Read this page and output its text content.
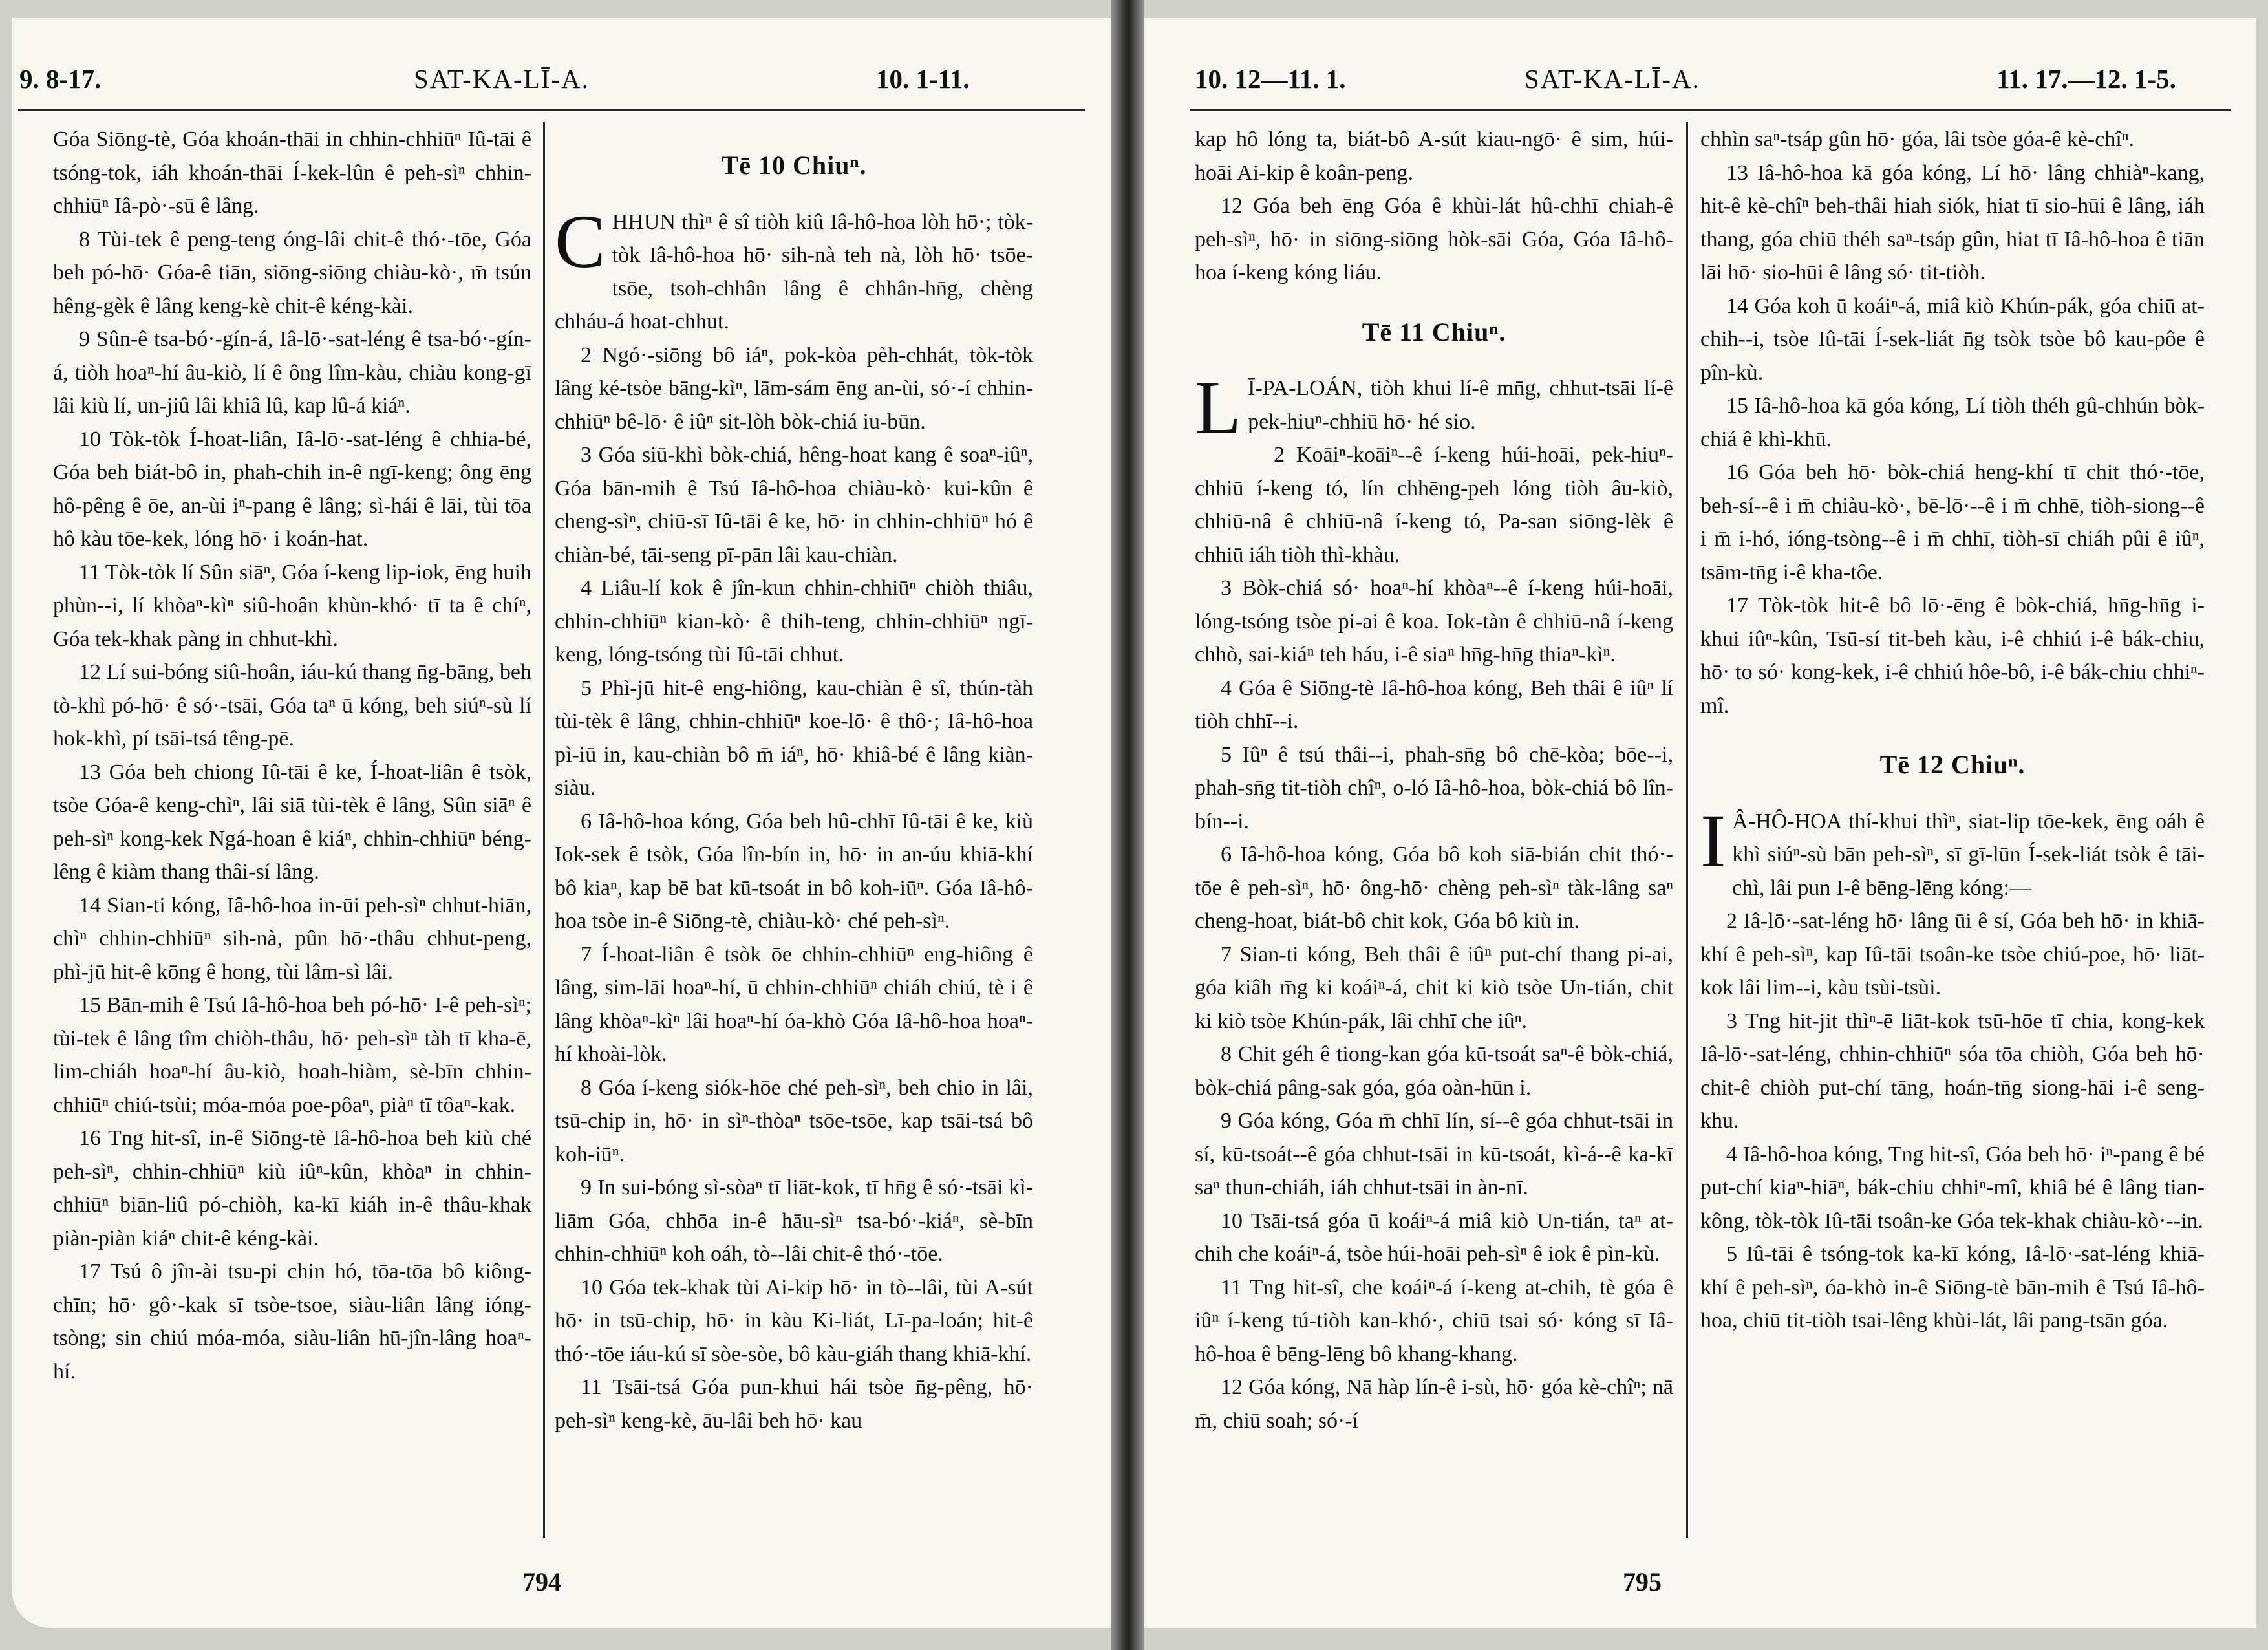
9. 8-17.	SAT-KA-LĪ-A.	10. 1-11.

Góa Siōng-tè, Góa khoán-thāi in chhin-chhiūⁿ Iû-tāi ê tsóng-tok, iáh khoán-thāi Í-kek-lûn ê peh-sìⁿ chhin-chhiūⁿ Iâ-pò·-sū ê lâng.

8 Tùi-tek ê peng-teng óng-lâi chit-ê thó·-tōe, Góa beh pó-hō· Góa-ê tiān, siōng-siōng chiàu-kò·, m̄ tsún hêng-gèk ê lâng keng-kè chit-ê kéng-kài.

9 Sûn-ê tsa-bó·-gín-á, Iâ-lō·-sat-léng ê tsa-bó·-gín-á, tiòh hoaⁿ-hí âu-kiò, lí ê ông lîm-kàu, chiàu kong-gī lâi kiù lí, un-jiû lâi khiâ lû, kap lû-á kiáⁿ.

10 Tòk-tòk Í-hoat-liân, Iâ-lō·-sat-léng ê chhia-bé, Góa beh biát-bô in, phah-chih in-ê ngī-keng; ông ēng hô-pêng ê ōe, an-ùi iⁿ-pang ê lâng; sì-hái ê lāi, tùi tōa hô kàu tōe-kek, lóng hō· i koán-hat.

11 Tòk-tòk lí Sûn siāⁿ, Góa í-keng lip-iok, ēng huih phùn--i, lí khòaⁿ-kìⁿ siû-hoân khùn-khó· tī ta ê chíⁿ, Góa tek-khak pàng in chhut-khì.

12 Lí sui-bóng siû-hoân, iáu-kú thang n̄g-bāng, beh tò-khì pó-hō· ê só·-tsāi, Góa taⁿ ū kóng, beh siúⁿ-sù lí hok-khì, pí tsāi-tsá têng-pē.

13 Góa beh chiong Iû-tāi ê ke, Í-hoat-liân ê tsòk, tsòe Góa-ê keng-chìⁿ, lâi siā tùi-tèk ê lâng, Sûn siāⁿ ê peh-sìⁿ kong-kek Ngá-hoan ê kiáⁿ, chhin-chhiūⁿ béng-lêng ê kiàm thang thâi-sí lâng.

14 Sian-ti kóng, Iâ-hô-hoa in-ūi peh-sìⁿ chhut-hiān, chìⁿ chhin-chhiūⁿ sih-nà, pûn hō·-thâu chhut-peng, phì-jū hit-ê kōng ê hong, tùi lâm-sì lâi.

15 Bān-mih ê Tsú Iâ-hô-hoa beh pó-hō· I-ê peh-sìⁿ; tùi-tek ê lâng tîm chiòh-thâu, hō· peh-sìⁿ tàh tī kha-ē, lim-chiáh hoaⁿ-hí âu-kiò, hoah-hiàm, sè-bīn chhin-chhiūⁿ chiú-tsùi; móa-móa poe-pôaⁿ, piàⁿ tī tôaⁿ-kak.

16 Tng hit-sî, in-ê Siōng-tè Iâ-hô-hoa beh kiù ché peh-sìⁿ, chhin-chhiūⁿ kiù iûⁿ-kûn, khòaⁿ in chhin-chhiūⁿ biān-liû pó-chiòh, ka-kī kiáh in-ê thâu-khak piàn-piàn kiáⁿ chit-ê kéng-kài.

17 Tsú ô jîn-ài tsu-pi chin hó, tōa-tōa bô kiông-chīn; hō· gô·-kak sī tsòe-tsoe, siàu-liân lâng ióng-tsòng; sin chiú móa-móa, siàu-liân hū-jîn-lâng hoaⁿ-hí.

Tē 10 Chiuⁿ.

CHHUN thìⁿ ê sî tiòh kiû Iâ-hô-hoa lòh hō·; tòk-tòk Iâ-hô-hoa hō· sih-nà teh nà, lòh hō· tsōe-tsōe, tsoh-chhân lâng ê chhân-hn̄g, chèng chháu-á hoat-chhut.

2 Ngó·-siōng bô iáⁿ, pok-kòa pèh-chhát, tòk-tòk lâng ké-tsòe bāng-kìⁿ, lām-sám ēng an-ùi, só·-í chhin-chhiūⁿ bê-lō· ê iûⁿ sit-lòh bòk-chiá iu-būn.

3 Góa siū-khì bòk-chiá, hêng-hoat kang ê soaⁿ-iûⁿ, Góa bān-mih ê Tsú Iâ-hô-hoa chiàu-kò· kui-kûn ê cheng-sìⁿ, chiū-sī Iû-tāi ê ke, hō· in chhin-chhiūⁿ hó ê chiàn-bé, tāi-seng pī-pān lâi kau-chiàn.

4 Liâu-lí kok ê jîn-kun chhin-chhiūⁿ chiòh thiâu, chhin-chhiūⁿ kian-kò· ê thih-teng, chhin-chhiūⁿ ngī-keng, lóng-tsóng tùi Iû-tāi chhut.

5 Phì-jū hit-ê eng-hiông, kau-chiàn ê sî, thún-tàh tùi-tèk ê lâng, chhin-chhiūⁿ koe-lō· ê thô·; Iâ-hô-hoa pì-iū in, kau-chiàn bô m̄ iáⁿ, hō· khiâ-bé ê lâng kiàn-siàu.

6 Iâ-hô-hoa kóng, Góa beh hû-chhī Iû-tāi ê ke, kiù Iok-sek ê tsòk, Góa lîn-bín in, hō· in an-úu khiā-khí bô kiaⁿ, kap bē bat kū-tsoát in bô koh-iūⁿ. Góa Iâ-hô-hoa tsòe in-ê Siōng-tè, chiàu-kò· ché peh-sìⁿ.

7 Í-hoat-liân ê tsòk ōe chhin-chhiūⁿ eng-hiông ê lâng, sim-lāi hoaⁿ-hí, ū chhin-chhiūⁿ chiáh chiú, tè i ê lâng khòaⁿ-kìⁿ lâi hoaⁿ-hí óa-khò Góa Iâ-hô-hoa hoaⁿ-hí khoài-lòk.

8 Góa í-keng siók-hōe ché peh-sìⁿ, beh chio in lâi, tsū-chip in, hō· in sìⁿ-thòaⁿ tsōe-tsōe, kap tsāi-tsá bô koh-iūⁿ.

9 In sui-bóng sì-sòaⁿ tī liāt-kok, tī hn̄g ê só·-tsāi kì-liām Góa, chhōa in-ê hāu-sìⁿ tsa-bó·-kiáⁿ, sè-bīn chhin-chhiūⁿ koh oáh, tò--lâi chit-ê thó·-tōe.

10 Góa tek-khak tùi Ai-kip hō· in tò--lâi, tùi A-sút hō· in tsū-chip, hō· in kàu Ki-liát, Lī-pa-loán; hit-ê thó·-tōe iáu-kú sī sòe-sòe, bô kàu-giáh thang khiā-khí.

11 Tsāi-tsá Góa pun-khui hái tsòe n̄g-pêng, hō· peh-sìⁿ keng-kè, āu-lâi beh hō· kau

794
10. 12—11. 1.	SAT-KA-LĪ-A.	11. 17.—12. 1-5.

kap hô lóng ta, biát-bô A-sút kiau-ngō· ê sim, húi-hoāi Ai-kip ê koân-peng.

12 Góa beh ēng Góa ê khùi-lát hû-chhī chiah-ê peh-sìⁿ, hō· in siōng-siōng hòk-sāi Góa, Góa Iâ-hô-hoa í-keng kóng liáu.

Tē 11 Chiuⁿ.

L Ī-PA-LOÁN, tiòh khui lí-ê mn̄g, chhut-tsāi lí-ê pek-hiuⁿ-chhiū hō· hé sio.

2 Koāiⁿ-koāiⁿ--ê í-keng húi-hoāi, pek-hiuⁿ-chhiū í-keng tó, lín chhēng-peh lóng tiòh âu-kiò, chhiū-nâ ê chhiū-nâ í-keng tó, Pa-san siōng-lèk ê chhiū iáh tiòh thì-khàu.

3 Bòk-chiá só· hoaⁿ-hí khòaⁿ--ê í-keng húi-hoāi, lóng-tsóng tsòe pi-ai ê koa. Iok-tàn ê chhiū-nâ í-keng chhò, sai-kiáⁿ teh háu, i-ê siaⁿ hn̄g-hn̄g thiaⁿ-kìⁿ.

4 Góa ê Siōng-tè Iâ-hô-hoa kóng, Beh thâi ê iûⁿ lí tiòh chhī--i.

5 Iûⁿ ê tsú thâi--i, phah-sn̄g bô chē-kòa; bōe--i, phah-sn̄g tit-tiòh chîⁿ, o-ló Iâ-hô-hoa, bòk-chiá bô lîn-bín--i.

6 Iâ-hô-hoa kóng, Góa bô koh siā-bián chit thó·-tōe ê peh-sìⁿ, hō· ông-hō· chèng peh-sìⁿ tàk-lâng saⁿ cheng-hoat, biát-bô chit kok, Góa bô kiù in.

7 Sian-ti kóng, Beh thâi ê iûⁿ put-chí thang pi-ai, góa kiâh m̄g ki koáiⁿ-á, chit ki kiò tsòe Un-tián, chit ki kiò tsòe Khún-pák, lâi chhī che iûⁿ.

8 Chit géh ê tiong-kan góa kū-tsoát saⁿ-ê bòk-chiá, bòk-chiá pâng-sak góa, góa oàn-hūn i.

9 Góa kóng, Góa m̄ chhī lín, sí--ê góa chhut-tsāi in sí, kū-tsoát--ê góa chhut-tsāi in kū-tsoát, kì-á--ê ka-kī saⁿ thun-chiáh, iáh chhut-tsāi in àn-nī.

10 Tsāi-tsá góa ū koáiⁿ-á miâ kiò Un-tián, taⁿ at-chih che koáiⁿ-á, tsòe húi-hoāi peh-sìⁿ ê iok ê pìn-kù.

11 Tng hit-sî, che koáiⁿ-á í-keng at-chih, tè góa ê iûⁿ í-keng tú-tiòh kan-khó·, chiū tsai só· kóng sī Iâ-hô-hoa ê bēng-lēng bô khang-khang.

12 Góa kóng, Nā hàp lín-ê i-sù, hō· góa kè-chîⁿ; nā m̄, chiū soah; só·-í

chhìn saⁿ-tsáp gûn hō· góa, lâi tsòe góa-ê kè-chîⁿ.

13 Iâ-hô-hoa kā góa kóng, Lí hō· lâng chhiàⁿ-kang, hit-ê kè-chîⁿ beh-thâi hiah siók, hiat tī sio-hūi ê lâng, iáh thang, góa chiū théh saⁿ-tsáp gûn, hiat tī Iâ-hô-hoa ê tiān lāi hō· sio-hūi ê lâng só· tit-tiòh.

14 Góa koh ū koáiⁿ-á, miâ kiò Khún-pák, góa chiū at-chih--i, tsòe Iû-tāi Í-sek-liát n̄g tsòk tsòe bô kau-pôe ê pîn-kù.

15 Iâ-hô-hoa kā góa kóng, Lí tiòh théh gû-chhún bòk-chiá ê khì-khū.

16 Góa beh hō· bòk-chiá heng-khí tī chit thó·-tōe, beh-sí--ê i m̄ chiàu-kò·, bē-lō·--ê i m̄ chhē, tiòh-siong--ê i m̄ i-hó, ióng-tsòng--ê i m̄ chhī, tiòh-sī chiáh pûi ê iûⁿ, tsām-tn̄g i-ê kha-tôe.

17 Tòk-tòk hit-ê bô lō·-ēng ê bòk-chiá, hn̄g-hn̄g i-khui iûⁿ-kûn, Tsū-sí tit-beh kàu, i-ê chhiú i-ê bák-chiu, hō· to só· kong-kek, i-ê chhiú hôe-bô, i-ê bák-chiu chhiⁿ-mî.

Tē 12 Chiuⁿ.

I Â-HÔ-HOA thí-khui thìⁿ, siat-lip tōe-kek, ēng oáh ê khì siúⁿ-sù bān peh-sìⁿ, sī gī-lūn Í-sek-liát tsòk ê tāi-chì, lâi pun I-ê bēng-lēng kóng:—

2 Iâ-lō·-sat-léng hō· lâng ūi ê sí, Góa beh hō· in khiā-khí ê peh-sìⁿ, kap Iû-tāi tsoân-ke tsòe chiú-poe, hō· liāt-kok lâi lim--i, kàu tsùi-tsùi.

3 Tng hit-jit thìⁿ-ē liāt-kok tsū-hōe tī chia, kong-kek Iâ-lō·-sat-léng, chhin-chhiūⁿ sóa tōa chiòh, Góa beh hō· chit-ê chiòh put-chí tāng, hoán-tn̄g siong-hāi i-ê seng-khu.

4 Iâ-hô-hoa kóng, Tng hit-sî, Góa beh hō· iⁿ-pang ê bé put-chí kiaⁿ-hiāⁿ, bák-chiu chhiⁿ-mî, khiâ bé ê lâng tian-kông, tòk-tòk Iû-tāi tsoân-ke Góa tek-khak chiàu-kò·--in.

5 Iû-tāi ê tsóng-tok ka-kī kóng, Iâ-lō·-sat-léng khiā-khí ê peh-sìⁿ, óa-khò in-ê Siōng-tè bān-mih ê Tsú Iâ-hô-hoa, chiū tit-tiòh tsai-lêng khùi-lát, lâi pang-tsān góa.

795
